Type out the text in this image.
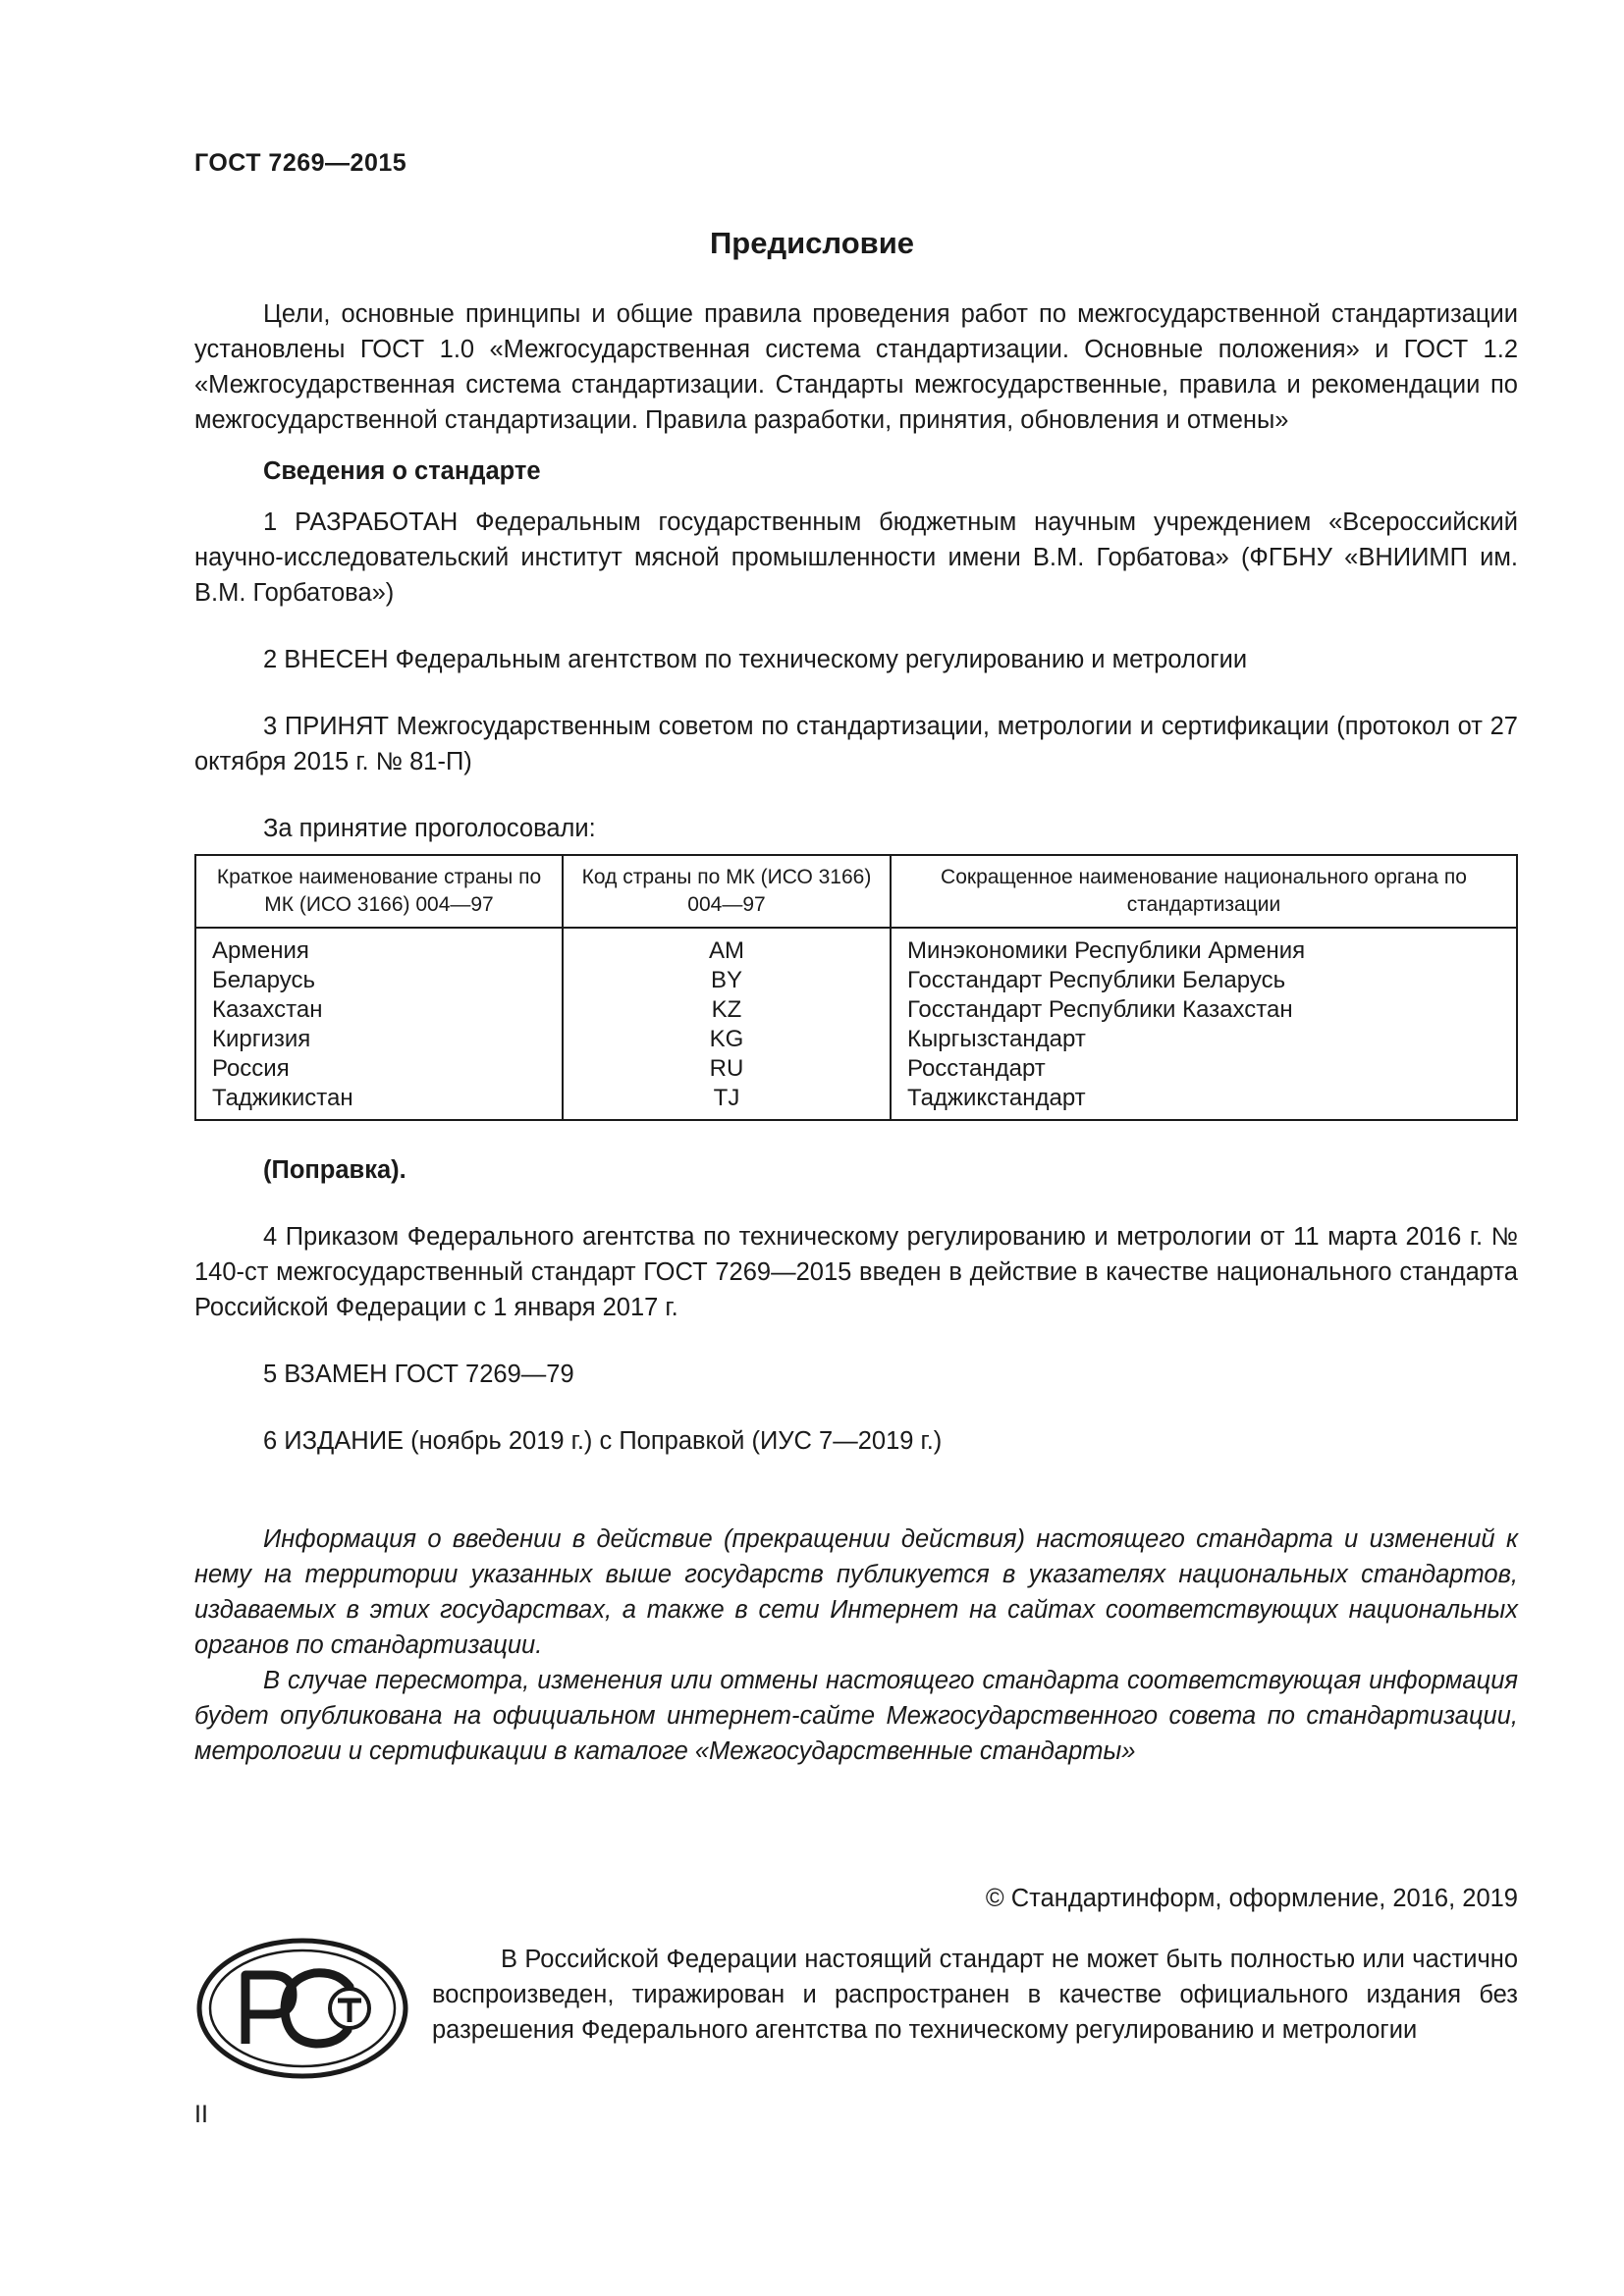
ГОСТ 7269—2015
Предисловие

Цели, основные принципы и общие правила проведения работ по межгосударственной стандартизации установлены ГОСТ 1.0 «Межгосударственная система стандартизации. Основные положения» и ГОСТ 1.2 «Межгосударственная система стандартизации. Стандарты межгосударственные, правила и рекомендации по межгосударственной стандартизации. Правила разработки, принятия, обновления и отмены»

Сведения о стандарте

1 РАЗРАБОТАН Федеральным государственным бюджетным научным учреждением «Всероссийский научно-исследовательский институт мясной промышленности имени В.М. Горбатова» (ФГБНУ «ВНИИМП им. В.М. Горбатова»)

2 ВНЕСЕН Федеральным агентством по техническому регулированию и метрологии

3 ПРИНЯТ Межгосударственным советом по стандартизации, метрологии и сертификации (протокол от 27 октября 2015 г. № 81-П)

За принятие проголосовали:

Краткое наименование страны по МК (ИСО 3166) 004—97	Код страны по МК (ИСО 3166) 004—97	Сокращенное наименование национального органа по стандартизации
Армения	AM	Минэкономики Республики Армения
Беларусь	BY	Госстандарт Республики Беларусь
Казахстан	KZ	Госстандарт Республики Казахстан
Киргизия	KG	Кыргызстандарт
Россия	RU	Росстандарт
Таджикистан	TJ	Таджикстандарт

(Поправка).

4 Приказом Федерального агентства по техническому регулированию и метрологии от 11 марта 2016 г. № 140-ст межгосударственный стандарт ГОСТ 7269—2015 введен в действие в качестве национального стандарта Российской Федерации с 1 января 2017 г.

5 ВЗАМЕН ГОСТ 7269—79

6 ИЗДАНИЕ (ноябрь 2019 г.) с Поправкой (ИУС 7—2019 г.)

Информация о введении в действие (прекращении действия) настоящего стандарта и изменений к нему на территории указанных выше государств публикуется в указателях национальных стандартов, издаваемых в этих государствах, а также в сети Интернет на сайтах соответствующих национальных органов по стандартизации.

В случае пересмотра, изменения или отмены настоящего стандарта соответствующая информация будет опубликована на официальном интернет-сайте Межгосударственного совета по стандартизации, метрологии и сертификации в каталоге «Межгосударственные стандарты»

© Стандартинформ, оформление, 2016, 2019

В Российской Федерации настоящий стандарт не может быть полностью или частично воспроизведен, тиражирован и распространен в качестве официального издания без разрешения Федерального агентства по техническому регулированию и метрологии

II
